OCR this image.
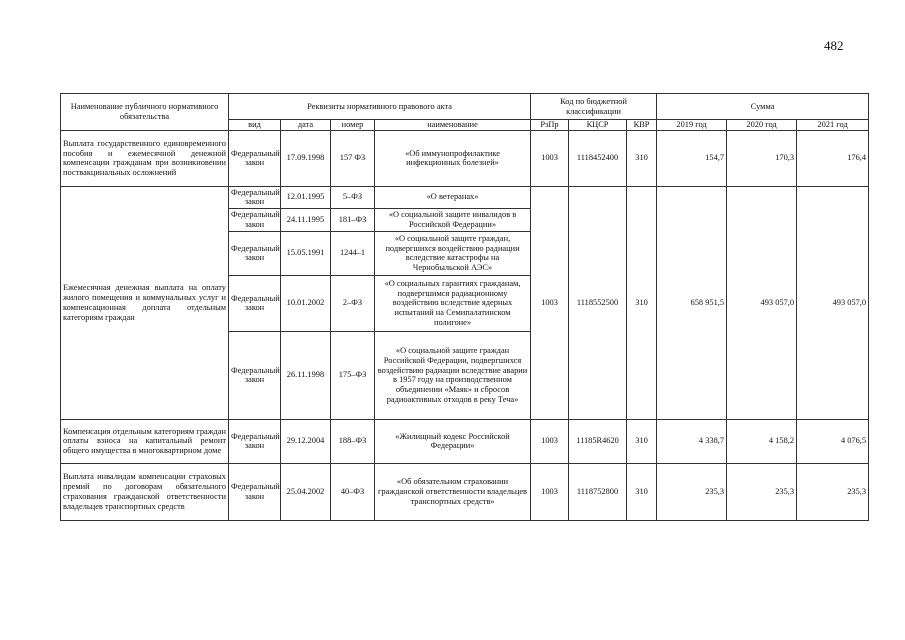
482
Наименование публичного нормативного обязательства	Реквизиты нормативного правового акта				Код по бюджетной классификации			Сумма		
	вид	дата	номер	наименование	РзПр	КЦСР	КВР	2019 год	2020 год	2021 год
Выплата государственного единовременного пособия и ежемесячной денежной компенсации гражданам при возникновении поствакцинальных осложнений	Федеральный закон	17.09.1998	157 ФЗ	«Об иммунопрофилактике инфекционных болезней»	1003	1118452400	310	154,7	170,3	176,4
Ежемесячная денежная выплата на оплату жилого помещения и коммунальных услуг и компенсационная доплата отдельным категориям граждан	Федеральный закон	12.01.1995	5–ФЗ	«О ветеранах»	1003	1118552500	310	658 951,5	493 057,0	493 057,0
	Федеральный закон	24.11.1995	181–ФЗ	«О социальной защите инвалидов в Российской Федерации»						
	Федеральный закон	15.05.1991	1244–1	«О социальной защите граждан, подвергшихся воздействию радиации вследствие катастрофы на Чернобыльской АЭС»						
	Федеральный закон	10.01.2002	2–ФЗ	«О социальных гарантиях гражданам, подвергшимся радиационному воздействию вследствие ядерных испытаний на Семипалатинском полигоне»						
	Федеральный закон	26.11.1998	175–ФЗ	«О социальной защите граждан Российской Федерации, подвергшихся воздействию радиации вследствие аварии в 1957 году на производственном объединении «Маяк» и сбросов радиоактивных отходов в реку Теча»						
Компенсация отдельным категориям граждан оплаты взноса на капитальный ремонт общего имущества в многоквартирном доме	Федеральный закон	29.12.2004	188–ФЗ	«Жилищный кодекс Российской Федерации»	1003	11185R4620	310	4 338,7	4 158,2	4 076,5
Выплата инвалидам компенсации страховых премий по договорам обязательного страхования гражданской ответственности владельцев транспортных средств	Федеральный закон	25.04.2002	40–ФЗ	«Об обязательном страховании гражданской ответственности владельцев транспортных средств»	1003	1118752800	310	235,3	235,3	235,3
